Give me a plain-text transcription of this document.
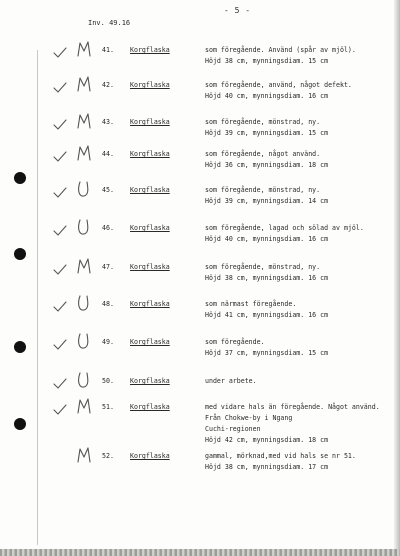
- 5 -
Inv. 49.16
41. Korgflaska	som föregående. Använd (spår av mjöl).
Höjd 38 cm, mynningsdiam. 15 cm
42. Korgflaska	som föregående, använd, något defekt.
Höjd 40 cm, mynningsdiam. 16 cm
43. Korgflaska	som föregående, mönstrad, ny.
Höjd 39 cm, mynningsdiam. 15 cm
44. Korgflaska	som föregående, något använd.
Höjd 36 cm, mynningsdiam. 18 cm
45. Korgflaska	som föregående, mönstrad, ny.
Höjd 39 cm, mynningsdiam. 14 cm
46. Korgflaska	som föregående, lagad och sölad av mjöl.
Höjd 40 cm, mynningsdiam. 16 cm
47. Korgflaska	som föregående, mönstrad, ny.
Höjd 38 cm, mynningsdiam. 16 cm
48. Korgflaska	som närmast föregående.
Höjd 41 cm, mynningsdiam. 16 cm
49. Korgflaska	som föregående.
Höjd 37 cm, mynningsdiam. 15 cm
50. Korgflaska	under arbete.
51. Korgflaska	med vidare hals än föregående. Något använd.
Från Chokwe-by i Ngang
Cuchi-regionen
Höjd 42 cm, mynningsdiam. 18 cm
52. Korgflaska	gammal, mörknad,med vid hals se nr 51.
Höjd 38 cm, mynningsdiam. 17 cm
